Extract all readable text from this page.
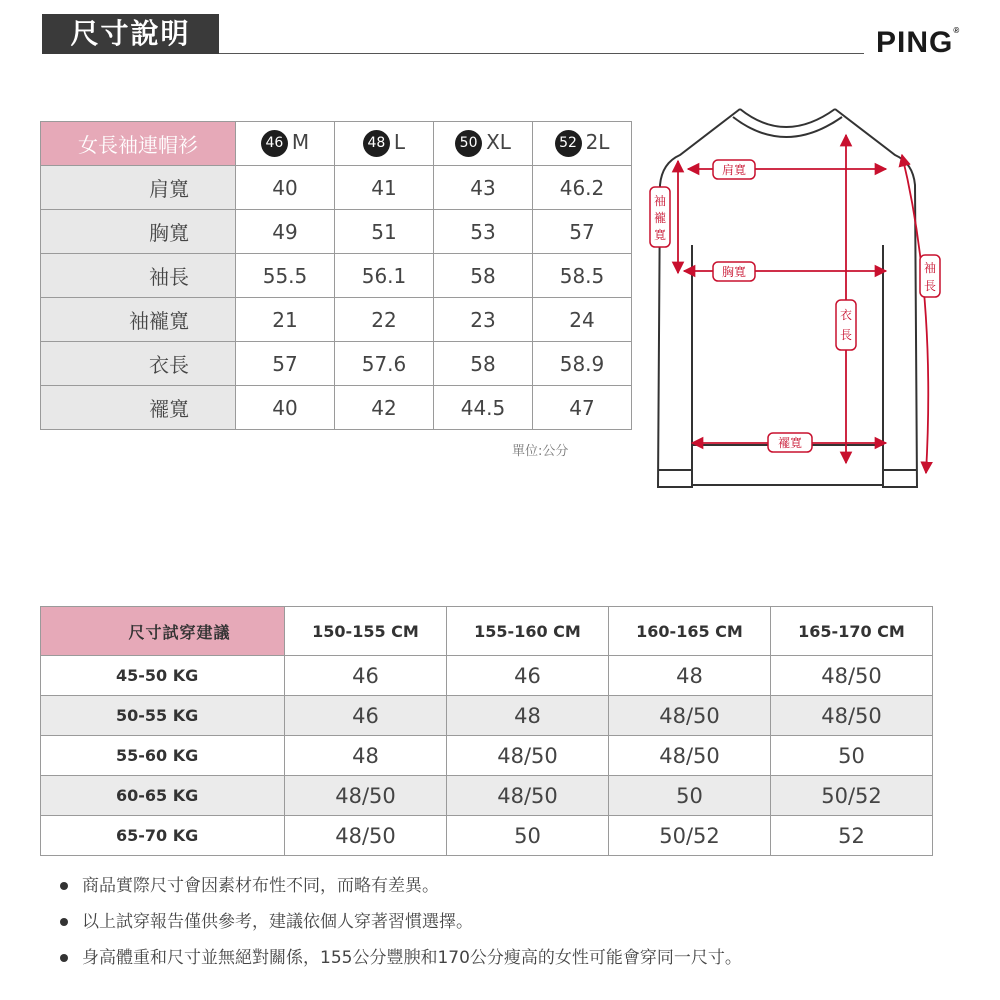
尺寸說明	PING®
女長袖連帽衫	46 M	48 L	50 XL	52 2L
肩寬	40	41	43	46.2
胸寬	49	51	53	57
袖長	55.5	56.1	58	58.5
袖襱寬	21	22	23	24
衣長	57	57.6	58	58.9
襬寬	40	42	44.5	47
單位:公分
肩寬
胸寬
襬寬
衣
長
袖
長
袖
襱
寬
尺寸試穿建議	150-155 CM	155-160 CM	160-165 CM	165-170 CM
45-50 KG	46	46	48	48/50
50-55 KG	46	48	48/50	48/50
55-60 KG	48	48/50	48/50	50
60-65 KG	48/50	48/50	50	50/52
65-70 KG	48/50	50	50/52	52
商品實際尺寸會因素材布性不同，而略有差異。
以上試穿報告僅供參考，建議依個人穿著習慣選擇。
身高體重和尺寸並無絕對關係，155公分豐腴和170公分瘦高的女性可能會穿同一尺寸。
